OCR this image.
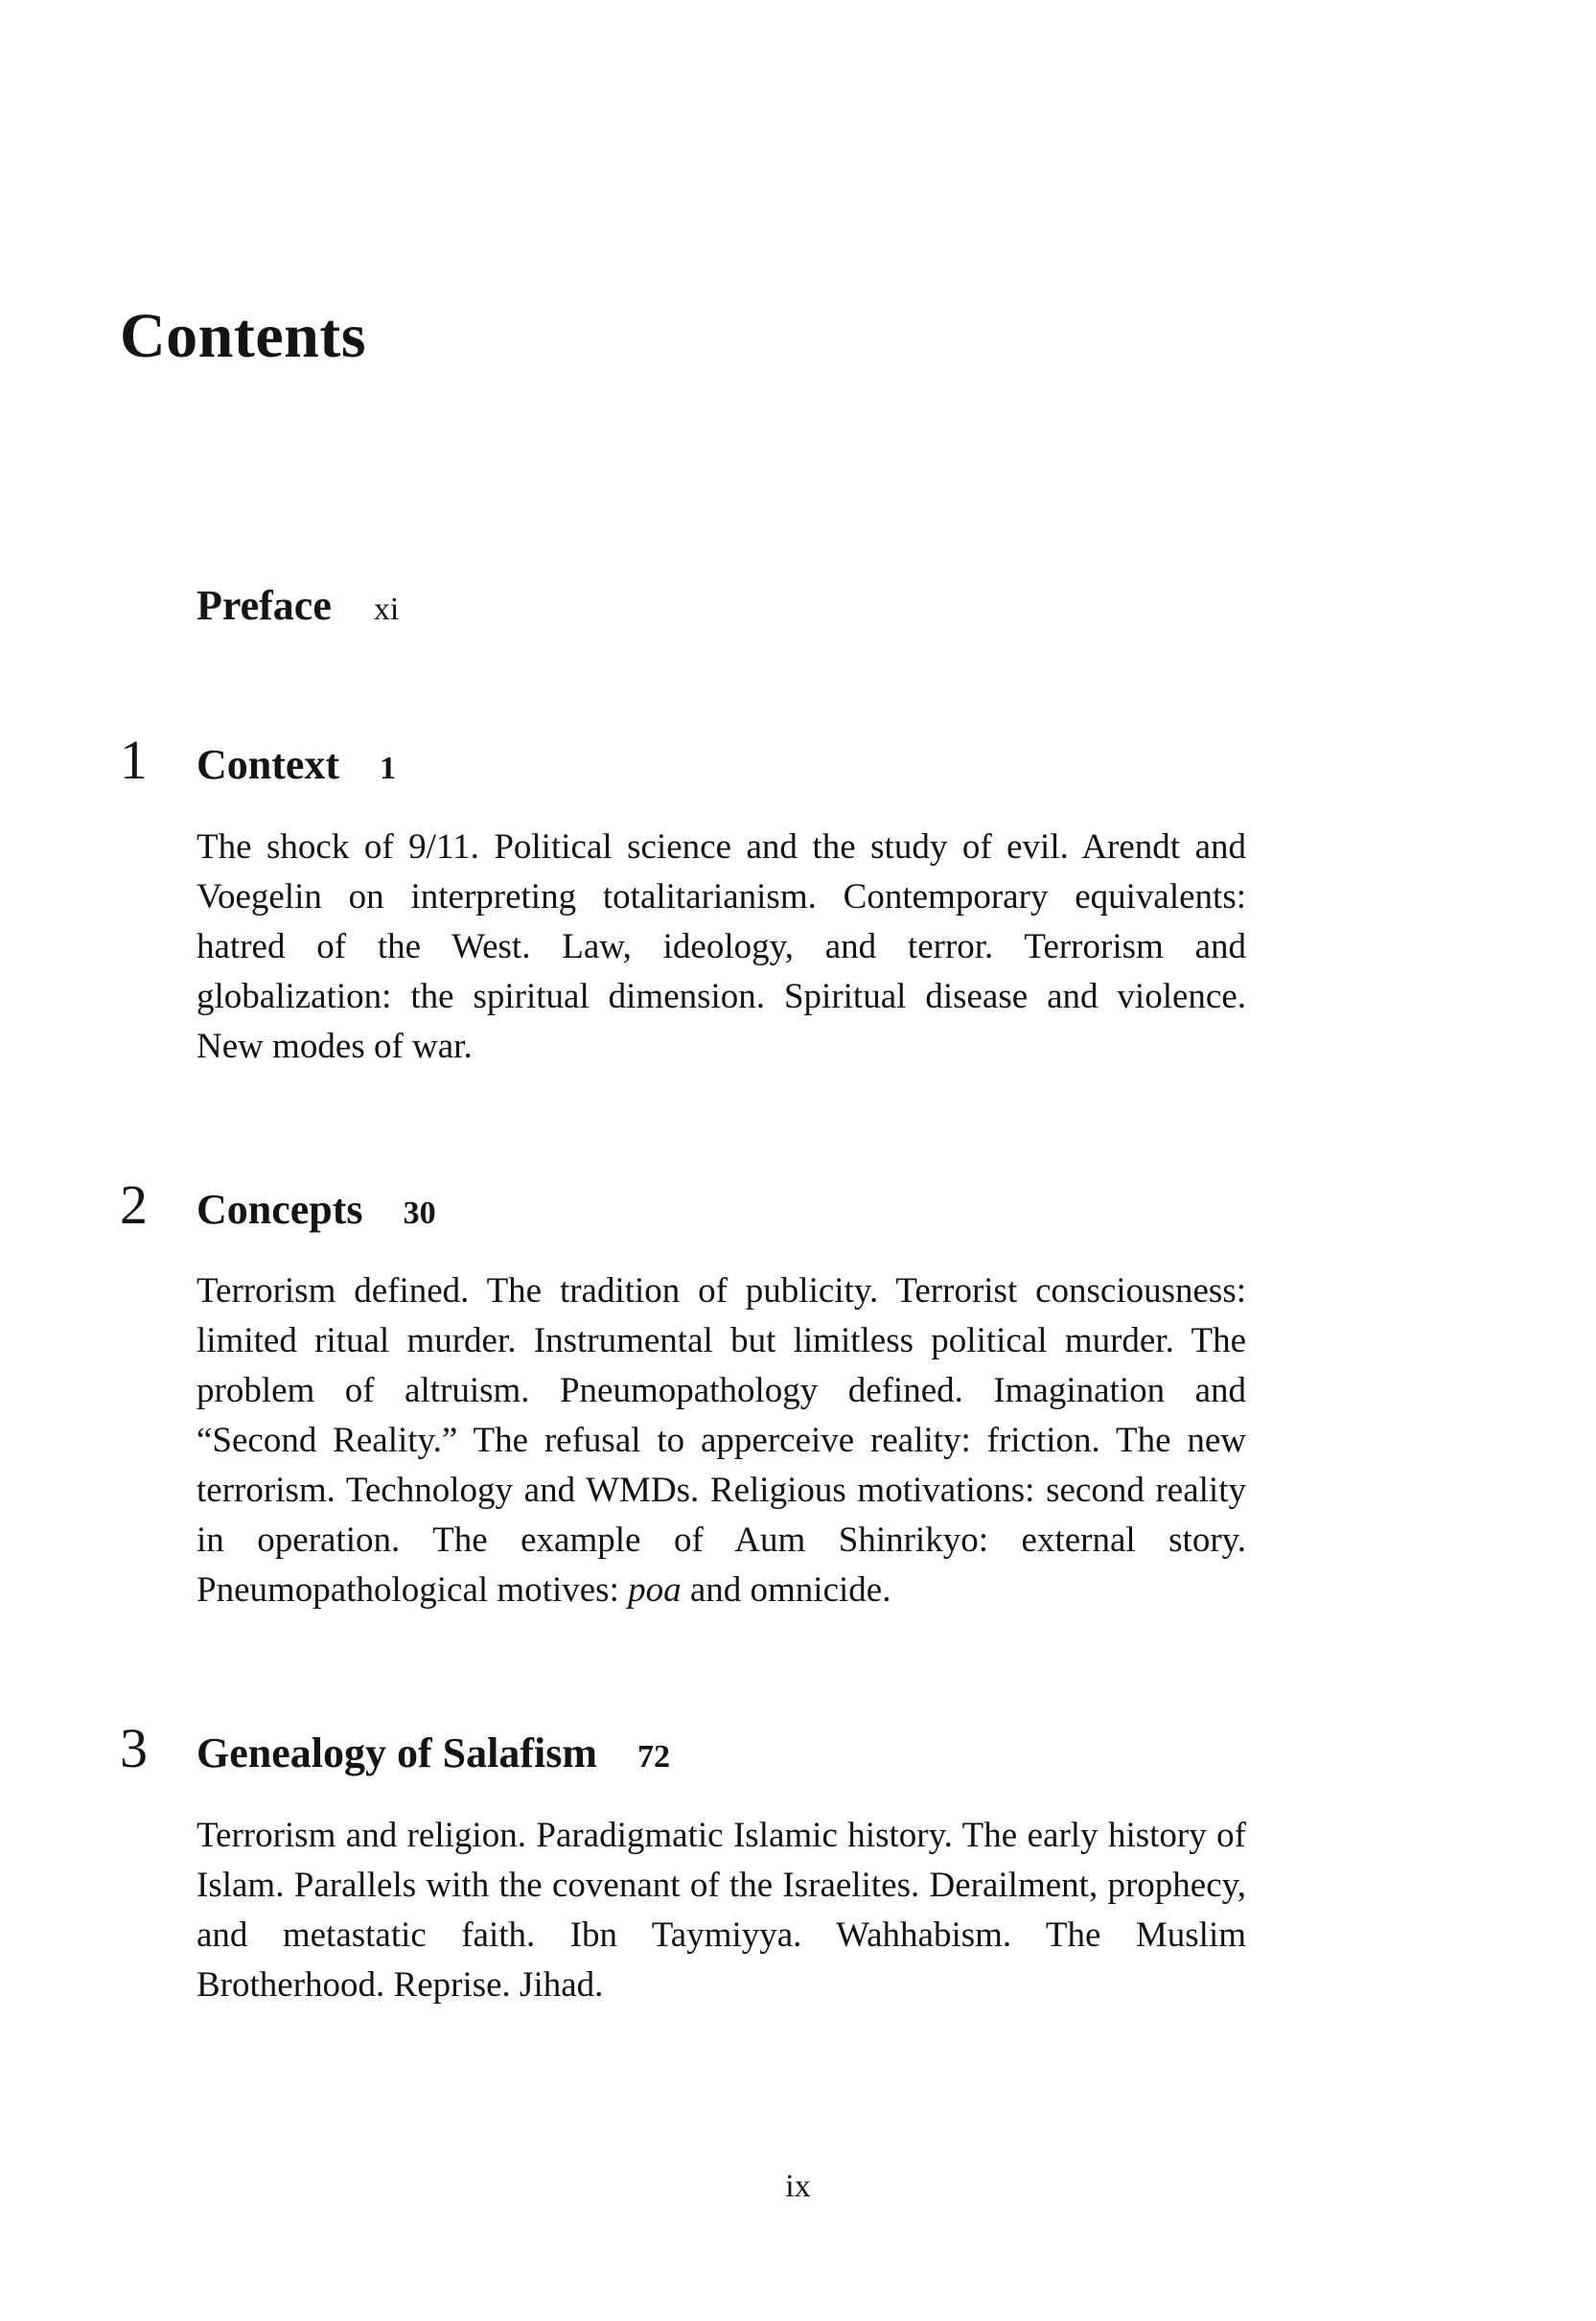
Contents
Preface xi
1	Context 1

The shock of 9/11. Political science and the study of evil. Arendt and Voegelin on interpreting totalitarianism. Contemporary equivalents: hatred of the West. Law, ideology, and terror. Terrorism and globalization: the spiritual dimension. Spiritual disease and violence. New modes of war.

2	Concepts 30

Terrorism defined. The tradition of publicity. Terrorist consciousness: limited ritual murder. Instrumental but limitless political murder. The problem of altruism. Pneumopathology defined. Imagination and “Second Reality.” The refusal to apperceive reality: friction. The new terrorism. Technology and WMDs. Religious motivations: second reality in operation. The example of Aum Shinrikyo: external story. Pneumopathological motives: poa and omnicide.

3	Genealogy of Salafism 72

Terrorism and religion. Paradigmatic Islamic history. The early history of Islam. Parallels with the covenant of the Israelites. Derailment, prophecy, and metastatic faith. Ibn Taymiyya. Wahhabism. The Muslim Brotherhood. Reprise. Jihad.

ix
